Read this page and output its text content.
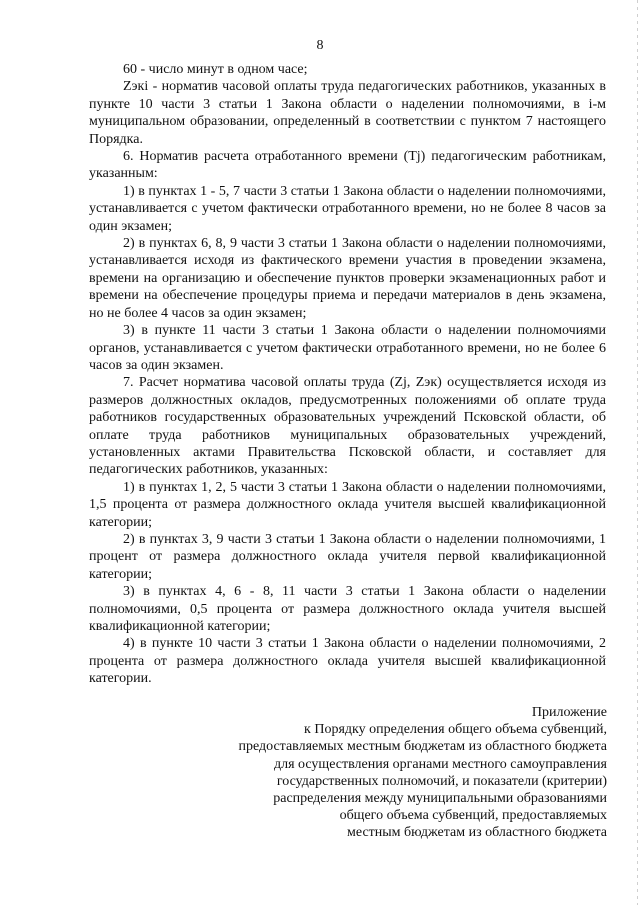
8

60 - число минут в одном часе;

Zэкi - норматив часовой оплаты труда педагогических работников, указанных в пункте 10 части 3 статьи 1 Закона области о наделении полномочиями, в i-м муниципальном образовании, определенный в соответствии с пунктом 7 настоящего Порядка.

6. Норматив расчета отработанного времени (Tj) педагогическим работникам, указанным:

1) в пунктах 1 - 5, 7 части 3 статьи 1 Закона области о наделении полномочиями, устанавливается с учетом фактически отработанного времени, но не более 8 часов за один экзамен;

2) в пунктах 6, 8, 9 части 3 статьи 1 Закона области о наделении полномочиями, устанавливается исходя из фактического времени участия в проведении экзамена, времени на организацию и обеспечение пунктов проверки экзаменационных работ и времени на обеспечение процедуры приема и передачи материалов в день экзамена, но не более 4 часов за один экзамен;

3) в пункте 11 части 3 статьи 1 Закона области о наделении полномочиями органов, устанавливается с учетом фактически отработанного времени, но не более 6 часов за один экзамен.

7. Расчет норматива часовой оплаты труда (Zj, Zэк) осуществляется исходя из размеров должностных окладов, предусмотренных положениями об оплате труда работников государственных образовательных учреждений Псковской области, об оплате труда работников муниципальных образовательных учреждений, установленных актами Правительства Псковской области, и составляет для педагогических работников, указанных:

1) в пунктах 1, 2, 5 части 3 статьи 1 Закона области о наделении полномочиями, 1,5 процента от размера должностного оклада учителя высшей квалификационной категории;

2) в пунктах 3, 9 части 3 статьи 1 Закона области о наделении полномочиями, 1 процент от размера должностного оклада учителя первой квалификационной категории;

3) в пунктах 4, 6 - 8, 11 части 3 статьи 1 Закона области о наделении полномочиями, 0,5 процента от размера должностного оклада учителя высшей квалификационной категории;

4) в пункте 10 части 3 статьи 1 Закона области о наделении полномочиями, 2 процента от размера должностного оклада учителя высшей квалификационной категории.

Приложение
к Порядку определения общего объема субвенций,
предоставляемых местным бюджетам из областного бюджета
для осуществления органами местного самоуправления
государственных полномочий, и показатели (критерии)
распределения между муниципальными образованиями
общего объема субвенций, предоставляемых
местным бюджетам из областного бюджета
